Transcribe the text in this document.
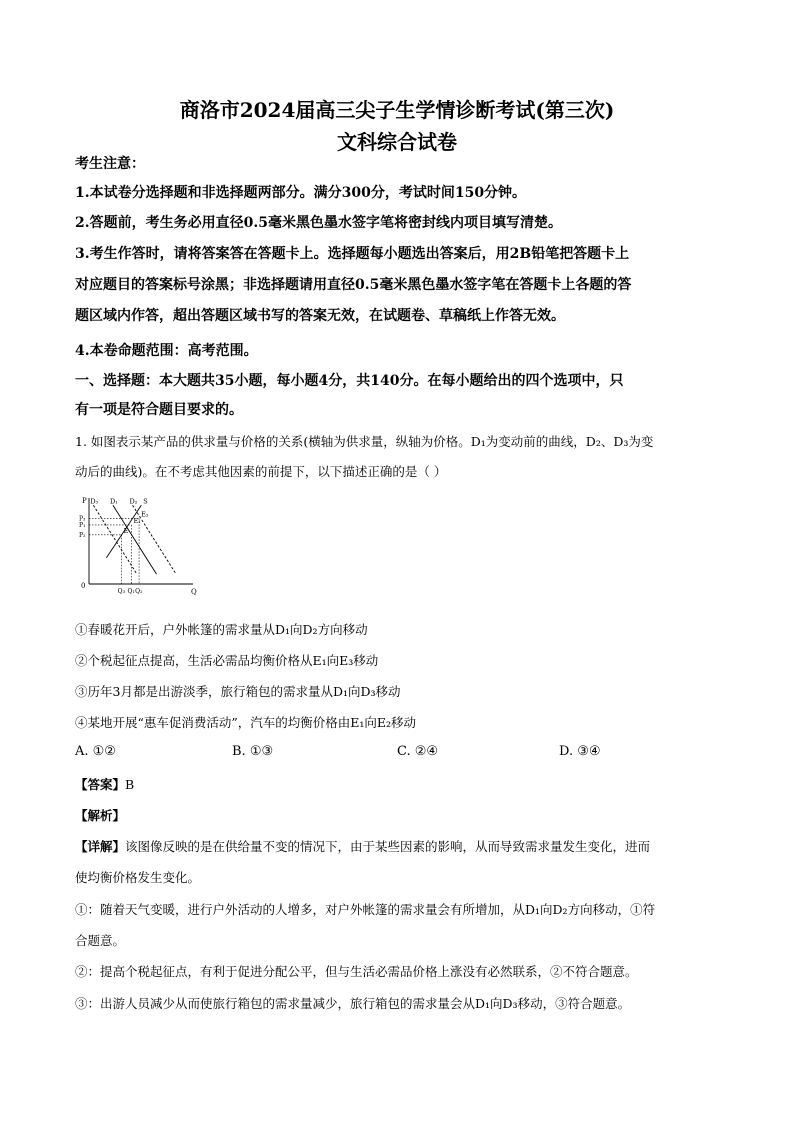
商洛市2024届高三尖子生学情诊断考试(第三次)
文科综合试卷
考生注意：
1.本试卷分选择题和非选择题两部分。满分300分，考试时间150分钟。
2.答题前，考生务必用直径0.5毫米黑色墨水签字笔将密封线内项目填写清楚。
3.考生作答时，请将答案答在答题卡上。选择题每小题选出答案后，用2B铅笔把答题卡上
对应题目的答案标号涂黑；非选择题请用直径0.5毫米黑色墨水签字笔在答题卡上各题的答
题区域内作答，超出答题区域书写的答案无效，在试题卷、草稿纸上作答无效。
4.本卷命题范围：高考范围。
一、选择题：本大题共35小题，每小题4分，共140分。在每小题给出的四个选项中，只
有一项是符合题目要求的。
1. 如图表示某产品的供求量与价格的关系(横轴为供求量，纵轴为价格。D₁为变动前的曲线，D₂、D₃为变
动后的曲线)。在不考虑其他因素的前提下，以下描述正确的是（ ）
P
Q
0
E
E₁
E₂
Q₃ Q₁ Q₂
P₂
P₁
P₃
D₃ D₁ D₂ S
①春暖花开后，户外帐篷的需求量从D₁向D₂方向移动
②个税起征点提高，生活必需品均衡价格从E₁向E₃移动
③历年3月都是出游淡季，旅行箱包的需求量从D₁向D₃移动
④某地开展“惠车促消费活动”，汽车的均衡价格由E₁向E₂移动
A. ①②	B. ①③	C. ②④	D. ③④
【答案】B
【解析】
【详解】该图像反映的是在供给量不变的情况下，由于某些因素的影响，从而导致需求量发生变化，进而
使均衡价格发生变化。
①：随着天气变暖，进行户外活动的人增多，对户外帐篷的需求量会有所增加，从D₁向D₂方向移动，①符
合题意。
②：提高个税起征点，有利于促进分配公平，但与生活必需品价格上涨没有必然联系，②不符合题意。
③：出游人员减少从而使旅行箱包的需求量减少，旅行箱包的需求量会从D₁向D₃移动，③符合题意。
